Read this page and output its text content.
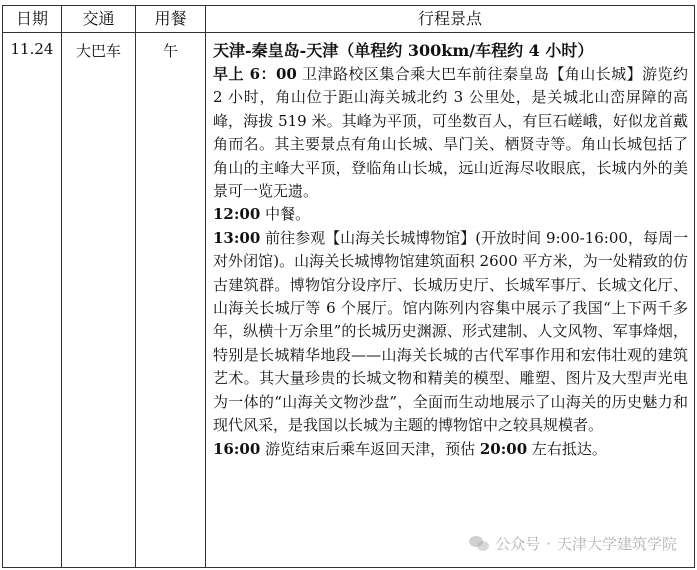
日期	交通	用餐	行程景点
11.24	大巴车	午	天津-秦皇岛-天津（单程约 300km/车程约 4 小时）
早上 6：00 卫津路校区集合乘大巴车前往秦皇岛【角山长城】游览约 2 小时，角山位于距山海关城北约 3 公里处，是关城北山峦屏障的高峰，海拔 519 米。其峰为平顶，可坐数百人，有巨石嵯峨，好似龙首戴角而名。其主要景点有角山长城、旱门关、栖贤寺等。角山长城包括了角山的主峰大平顶，登临角山长城，远山近海尽收眼底，长城内外的美景可一览无遗。
12:00 中餐。
13:00 前往参观【山海关长城博物馆】(开放时间 9:00-16:00，每周一对外闭馆)。山海关长城博物馆建筑面积 2600 平方米，为一处精致的仿古建筑群。博物馆分设序厅、长城历史厅、长城军事厅、长城文化厅、山海关长城厅等 6 个展厅。馆内陈列内容集中展示了我国“上下两千多年，纵横十万余里”的长城历史渊源、形式建制、人文风物、军事烽烟，特别是长城精华地段——山海关长城的古代军事作用和宏伟壮观的建筑艺术。其大量珍贵的长城文物和精美的模型、雕塑、图片及大型声光电为一体的“山海关文物沙盘”，全面而生动地展示了山海关的历史魅力和现代风采，是我国以长城为主题的博物馆中之较具规模者。
16:00 游览结束后乘车返回天津，预估 20:00 左右抵达。
公众号 · 天津大学建筑学院
